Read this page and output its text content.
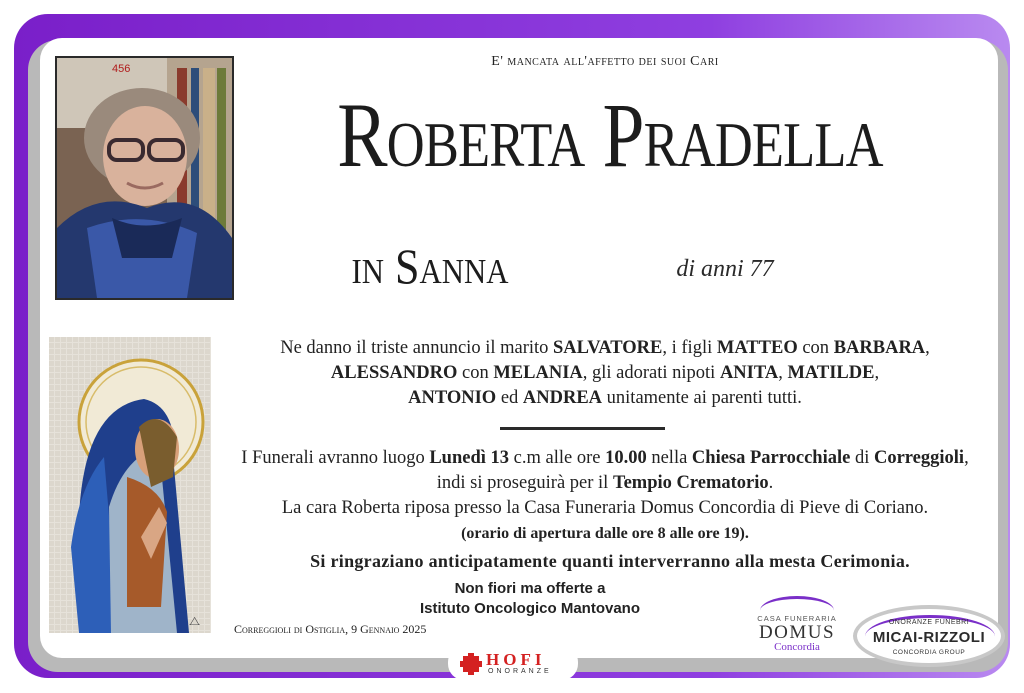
456
⧍
E' mancata all'affetto dei suoi Cari
Roberta Pradella
in Sanna	di anni 77
Ne danno il triste annuncio il marito SALVATORE, i figli MATTEO con BARBARA,
ALESSANDRO con MELANIA, gli adorati nipoti ANITA, MATILDE,
ANTONIO ed ANDREA unitamente ai parenti tutti.
I Funerali avranno luogo Lunedì 13 c.m alle ore 10.00 nella Chiesa Parrocchiale di Correggioli,
indi si proseguirà per il Tempio Crematorio.
La cara Roberta riposa presso la Casa Funeraria Domus Concordia di Pieve di Coriano.
(orario di apertura dalle ore 8 alle ore 19).
Si ringraziano anticipatamente quanti interverranno alla mesta Cerimonia.
Non fiori ma offerte a
Istituto Oncologico Mantovano
Correggioli di Ostiglia, 9 Gennaio 2025
CASA FUNERARIA
DOMUS
Concordia
ONORANZE FUNEBRI
MICAI-RIZZOLI
CONCORDIA GROUP
HOFI
ONORANZE
